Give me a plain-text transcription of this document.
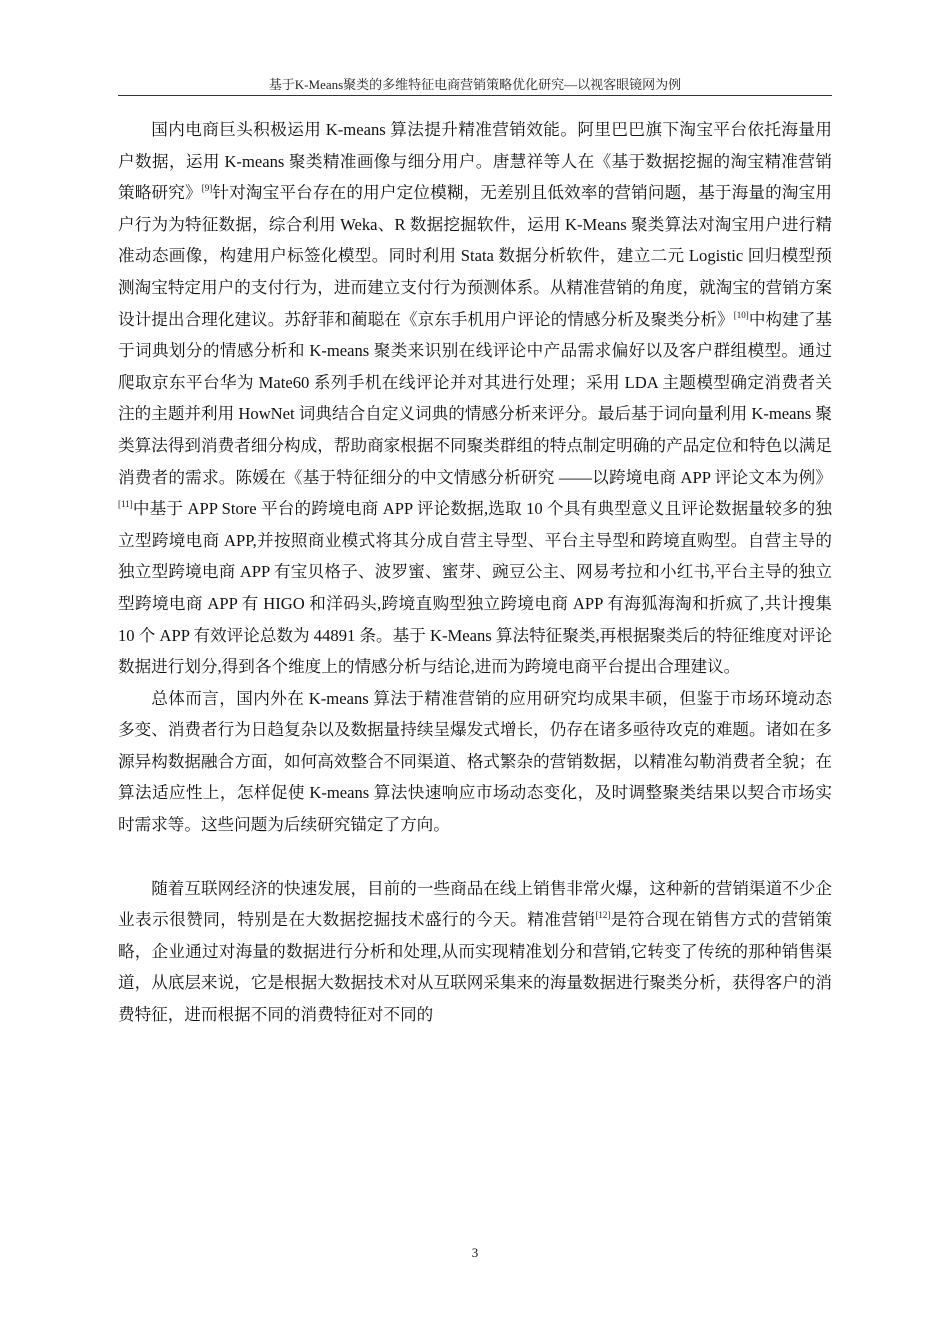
基于K-Means聚类的多维特征电商营销策略优化研究—以视客眼镜网为例

国内电商巨头积极运用 K-means 算法提升精准营销效能。阿里巴巴旗下淘宝平台依托海量用户数据，运用 K-means 聚类精准画像与细分用户。唐慧祥等人在《基于数据挖掘的淘宝精准营销策略研究》[9]针对淘宝平台存在的用户定位模糊，无差别且低效率的营销问题，基于海量的淘宝用户行为为特征数据，综合利用 Weka、R 数据挖掘软件，运用 K-Means 聚类算法对淘宝用户进行精准动态画像，构建用户标签化模型。同时利用 Stata 数据分析软件，建立二元 Logistic 回归模型预测淘宝特定用户的支付行为，进而建立支付行为预测体系。从精准营销的角度，就淘宝的营销方案设计提出合理化建议。苏舒菲和蔺聪在《京东手机用户评论的情感分析及聚类分析》[10]中构建了基于词典划分的情感分析和 K-means 聚类来识别在线评论中产品需求偏好以及客户群组模型。通过爬取京东平台华为 Mate60 系列手机在线评论并对其进行处理；采用 LDA 主题模型确定消费者关注的主题并利用 HowNet 词典结合自定义词典的情感分析来评分。最后基于词向量利用 K-means 聚类算法得到消费者细分构成，帮助商家根据不同聚类群组的特点制定明确的产品定位和特色以满足消费者的需求。陈媛在《基于特征细分的中文情感分析研究 ——以跨境电商 APP 评论文本为例》[11]中基于 APP Store 平台的跨境电商 APP 评论数据,选取 10 个具有典型意义且评论数据量较多的独立型跨境电商 APP,并按照商业模式将其分成自营主导型、平台主导型和跨境直购型。自营主导的独立型跨境电商 APP 有宝贝格子、波罗蜜、蜜芽、豌豆公主、网易考拉和小红书,平台主导的独立型跨境电商 APP 有 HIGO 和洋码头,跨境直购型独立跨境电商 APP 有海狐海淘和折疯了,共计搜集 10 个 APP 有效评论总数为 44891 条。基于 K-Means 算法特征聚类,再根据聚类后的特征维度对评论数据进行划分,得到各个维度上的情感分析与结论,进而为跨境电商平台提出合理建议。

总体而言，国内外在 K-means 算法于精准营销的应用研究均成果丰硕，但鉴于市场环境动态多变、消费者行为日趋复杂以及数据量持续呈爆发式增长，仍存在诸多亟待攻克的难题。诸如在多源异构数据融合方面，如何高效整合不同渠道、格式繁杂的营销数据，以精准勾勒消费者全貌；在算法适应性上，怎样促使 K-means 算法快速响应市场动态变化，及时调整聚类结果以契合市场实时需求等。这些问题为后续研究锚定了方向。

随着互联网经济的快速发展，目前的一些商品在线上销售非常火爆，这种新的营销渠道不少企业表示很赞同，特别是在大数据挖掘技术盛行的今天。精准营销[12]是符合现在销售方式的营销策略，企业通过对海量的数据进行分析和处理,从而实现精准划分和营销,它转变了传统的那种销售渠道，从底层来说，它是根据大数据技术对从互联网采集来的海量数据进行聚类分析，获得客户的消费特征，进而根据不同的消费特征对不同的

3
